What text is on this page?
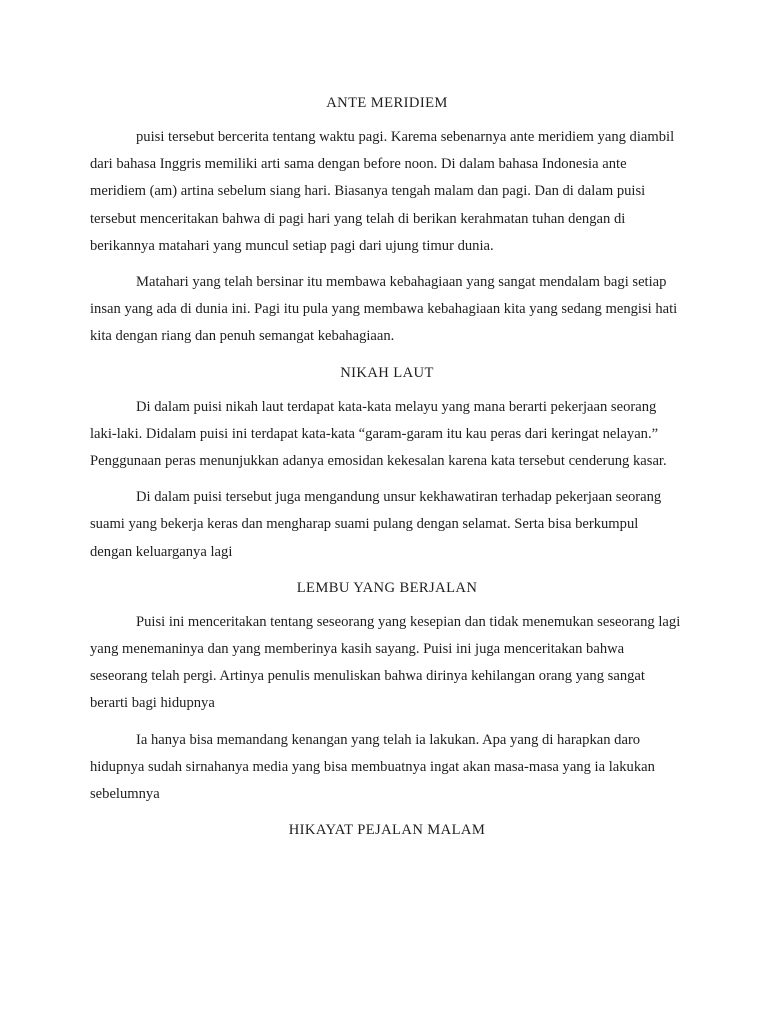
ANTE MERIDIEM

puisi tersebut bercerita tentang waktu pagi. Karema sebenarnya ante meridiem yang diambil dari bahasa Inggris memiliki arti sama dengan before noon. Di dalam bahasa Indonesia ante meridiem (am) artina sebelum siang hari. Biasanya tengah malam dan pagi. Dan di dalam puisi tersebut menceritakan bahwa di pagi hari yang telah di berikan kerahmatan tuhan dengan di berikannya matahari yang muncul setiap pagi dari ujung timur dunia.

Matahari yang telah bersinar itu membawa kebahagiaan yang sangat mendalam bagi setiap insan yang ada di dunia ini. Pagi itu pula yang membawa kebahagiaan kita yang sedang mengisi hati kita dengan riang dan penuh semangat kebahagiaan.

NIKAH LAUT

Di dalam puisi nikah laut terdapat kata-kata melayu yang mana berarti pekerjaan seorang laki-laki. Didalam puisi ini terdapat kata-kata “garam-garam itu kau peras dari keringat nelayan.” Penggunaan peras menunjukkan adanya emosidan kekesalan karena kata tersebut cenderung kasar.

Di dalam puisi tersebut juga mengandung unsur kekhawatiran terhadap pekerjaan seorang suami yang bekerja keras dan mengharap suami pulang dengan selamat. Serta bisa berkumpul dengan keluarganya lagi

LEMBU YANG BERJALAN

Puisi ini menceritakan tentang seseorang yang kesepian dan tidak menemukan seseorang lagi yang menemaninya dan yang memberinya kasih sayang. Puisi ini juga menceritakan bahwa seseorang telah pergi. Artinya penulis menuliskan bahwa dirinya kehilangan orang yang sangat berarti bagi hidupnya

Ia hanya bisa memandang kenangan yang telah ia lakukan. Apa yang di harapkan daro hidupnya sudah sirnahanya media yang bisa membuatnya ingat akan masa-masa yang ia lakukan sebelumnya

HIKAYAT PEJALAN MALAM
